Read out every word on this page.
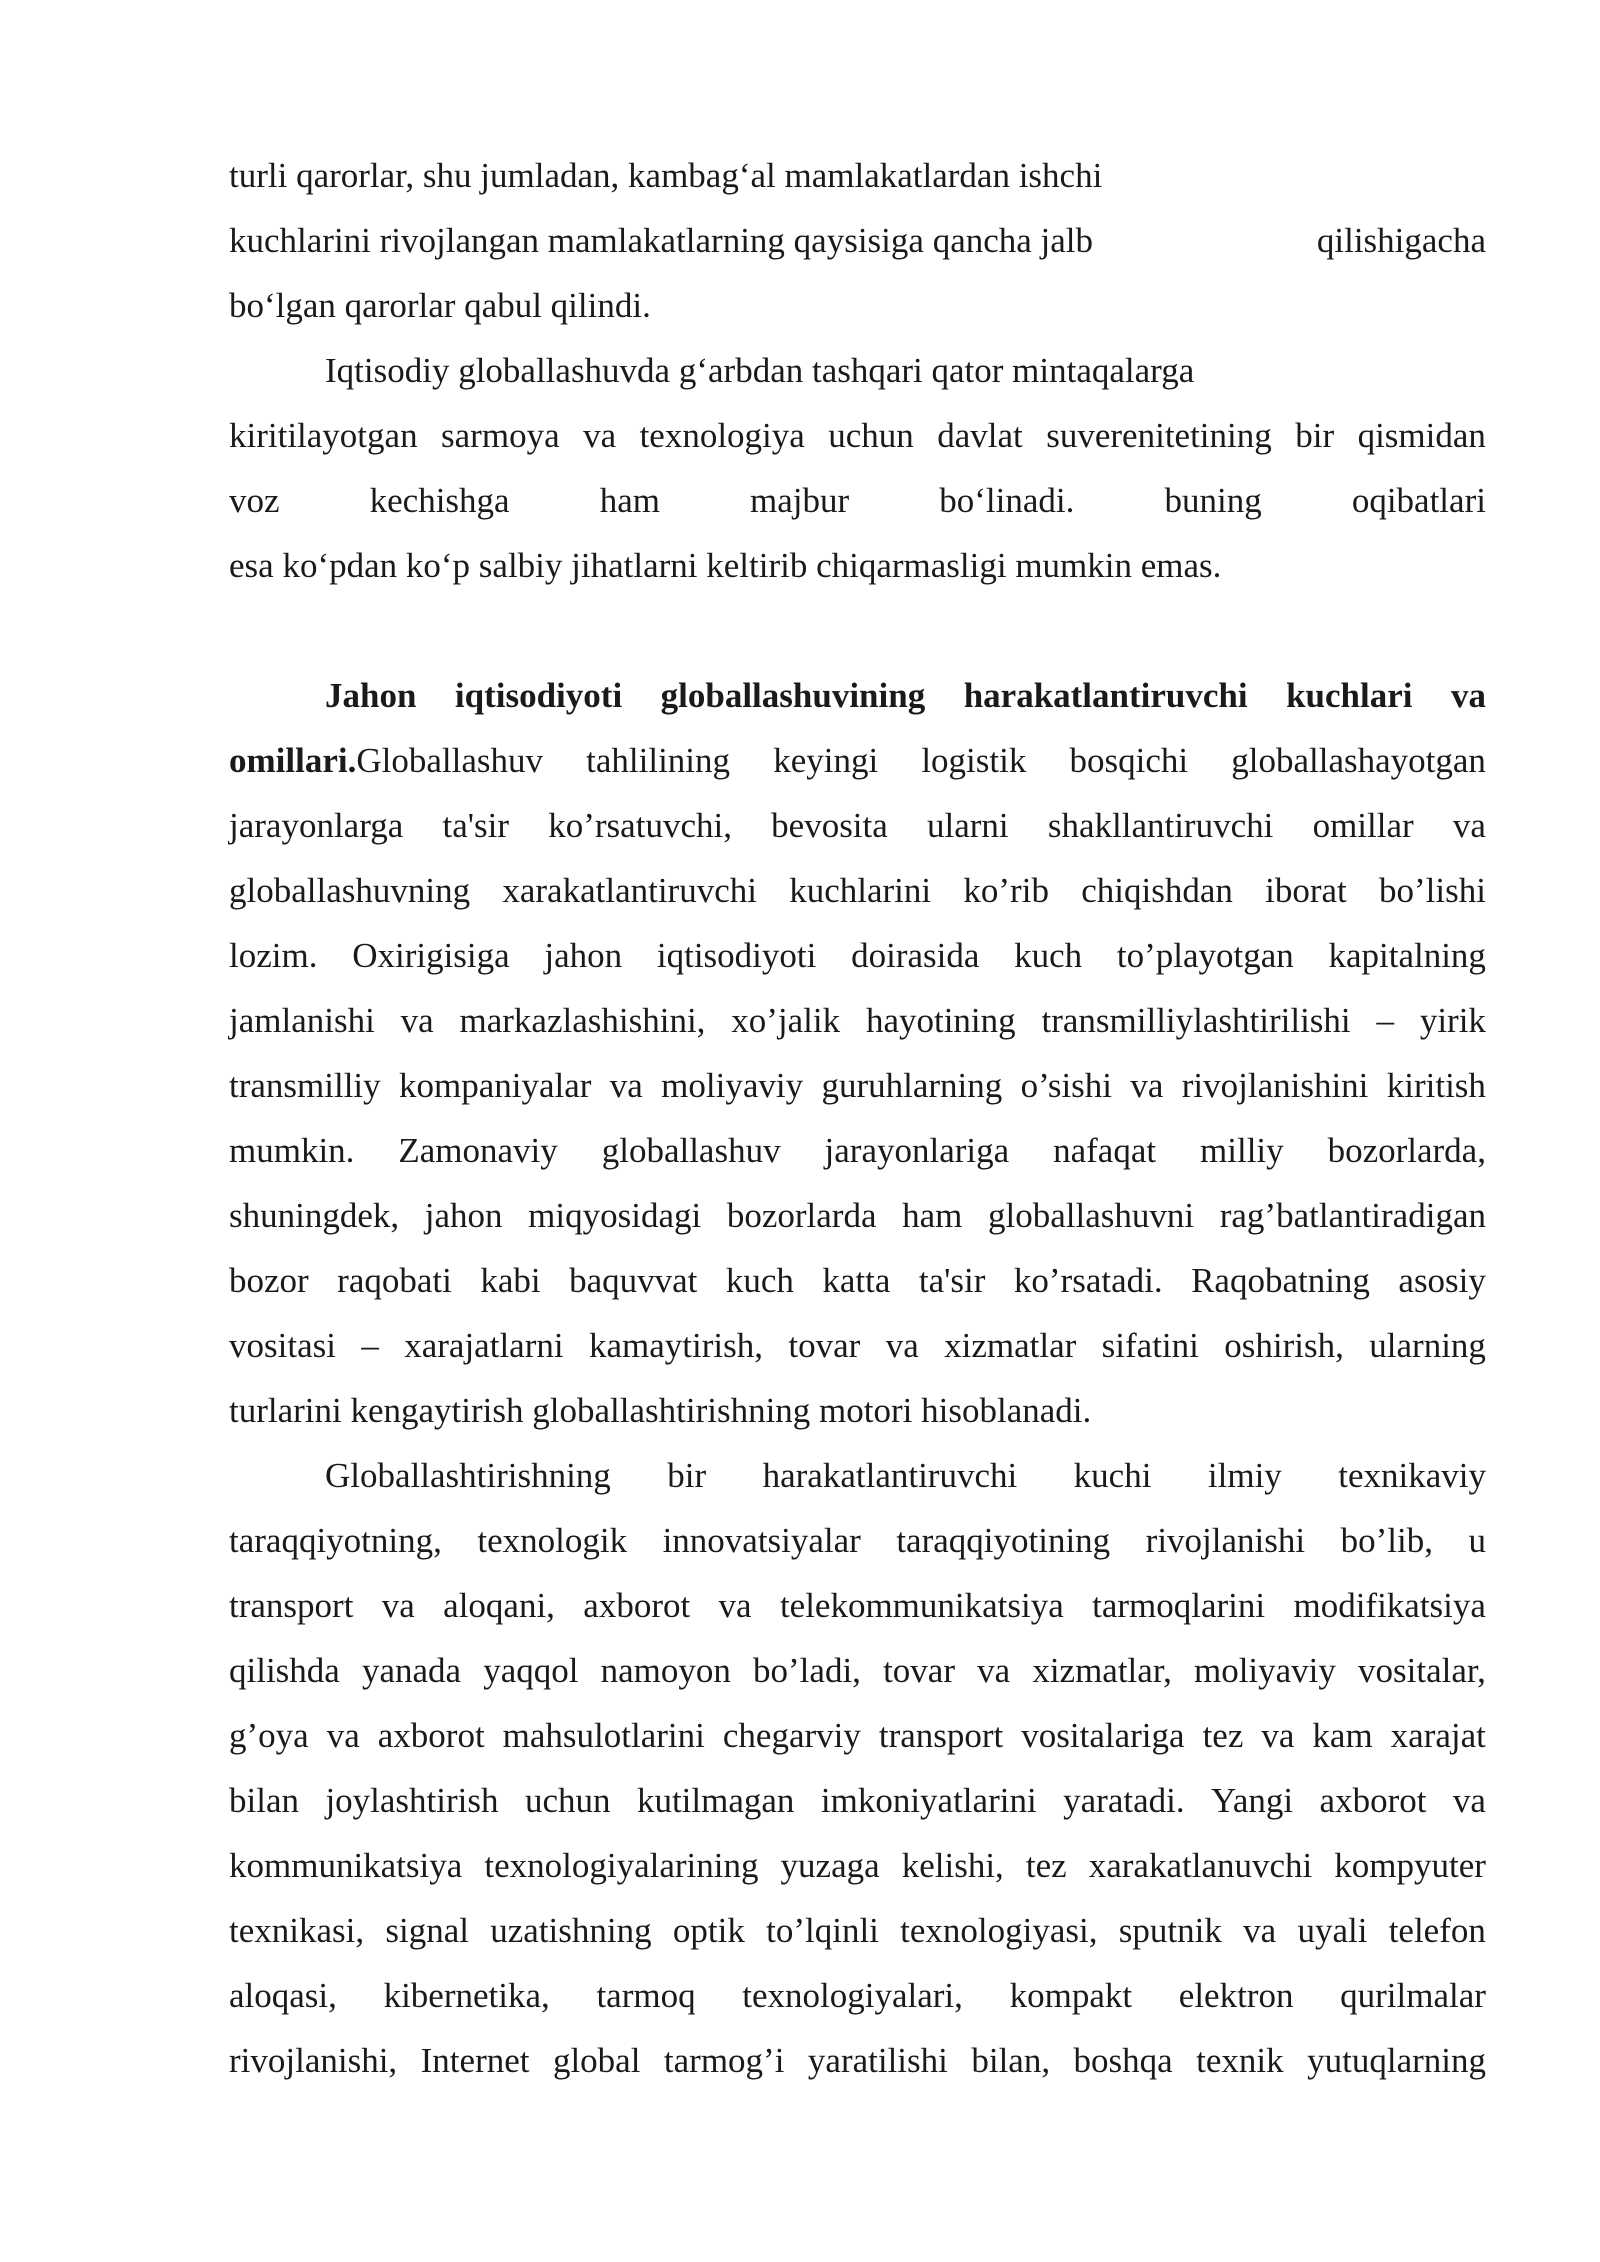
turli qarorlar, shu jumladan, kambag‘al mamlakatlardan ishchi
kuchlarini rivojlangan mamlakatlarning qaysisiga qancha jalb	qilishigacha
bo‘lgan qarorlar qabul qilindi.
Iqtisodiy globallashuvda g‘arbdan tashqari qator mintaqalarga
kiritilayotgan sarmoya va texnologiya uchun davlat suverenitetining bir qismidan
voz	kechishga	ham	majbur	bo‘linadi.	buning	oqibatlari
esa ko‘pdan ko‘p salbiy jihatlarni keltirib chiqarmasligi mumkin emas.
Jahon iqtisodiyoti globallashuvining harakatlantiruvchi kuchlari va
omillari. Globallashuv tahlilining keyingi logistik bosqichi globallashayotgan
jarayonlarga ta'sir ko’rsatuvchi, bevosita ularni shakllantiruvchi omillar va
globallashuvning xarakatlantiruvchi kuchlarini ko’rib chiqishdan iborat bo’lishi
lozim. Oxirigisiga jahon iqtisodiyoti doirasida kuch to’playotgan kapitalning
jamlanishi va markazlashishini, xo’jalik hayotining transmilliylashtirilishi – yirik
transmilliy kompaniyalar va moliyaviy guruhlarning o’sishi va rivojlanishini kiritish
mumkin. Zamonaviy globallashuv jarayonlariga nafaqat milliy bozorlarda,
shuningdek, jahon miqyosidagi bozorlarda ham globallashuvni rag’batlantiradigan
bozor raqobati kabi baquvvat kuch katta ta'sir ko’rsatadi. Raqobatning asosiy
vositasi – xarajatlarni kamaytirish, tovar va xizmatlar sifatini oshirish, ularning
turlarini kengaytirish globallashtirishning motori hisoblanadi.
Globallashtirishning bir harakatlantiruvchi kuchi ilmiy texnikaviy
taraqqiyotning, texnologik innovatsiyalar taraqqiyotining rivojlanishi bo’lib, u
transport va aloqani, axborot va telekommunikatsiya tarmoqlarini modifikatsiya
qilishda yanada yaqqol namoyon bo’ladi, tovar va xizmatlar, moliyaviy vositalar,
g’oya va axborot mahsulotlarini chegarviy transport vositalariga tez va kam xarajat
bilan joylashtirish uchun kutilmagan imkoniyatlarini yaratadi. Yangi axborot va
kommunikatsiya texnologiyalarining yuzaga kelishi, tez xarakatlanuvchi kompyuter
texnikasi, signal uzatishning optik to’lqinli texnologiyasi, sputnik va uyali telefon
aloqasi, kibernetika, tarmoq texnologiyalari, kompakt elektron qurilmalar
rivojlanishi, Internet global tarmog’i yaratilishi bilan, boshqa texnik yutuqlarning
